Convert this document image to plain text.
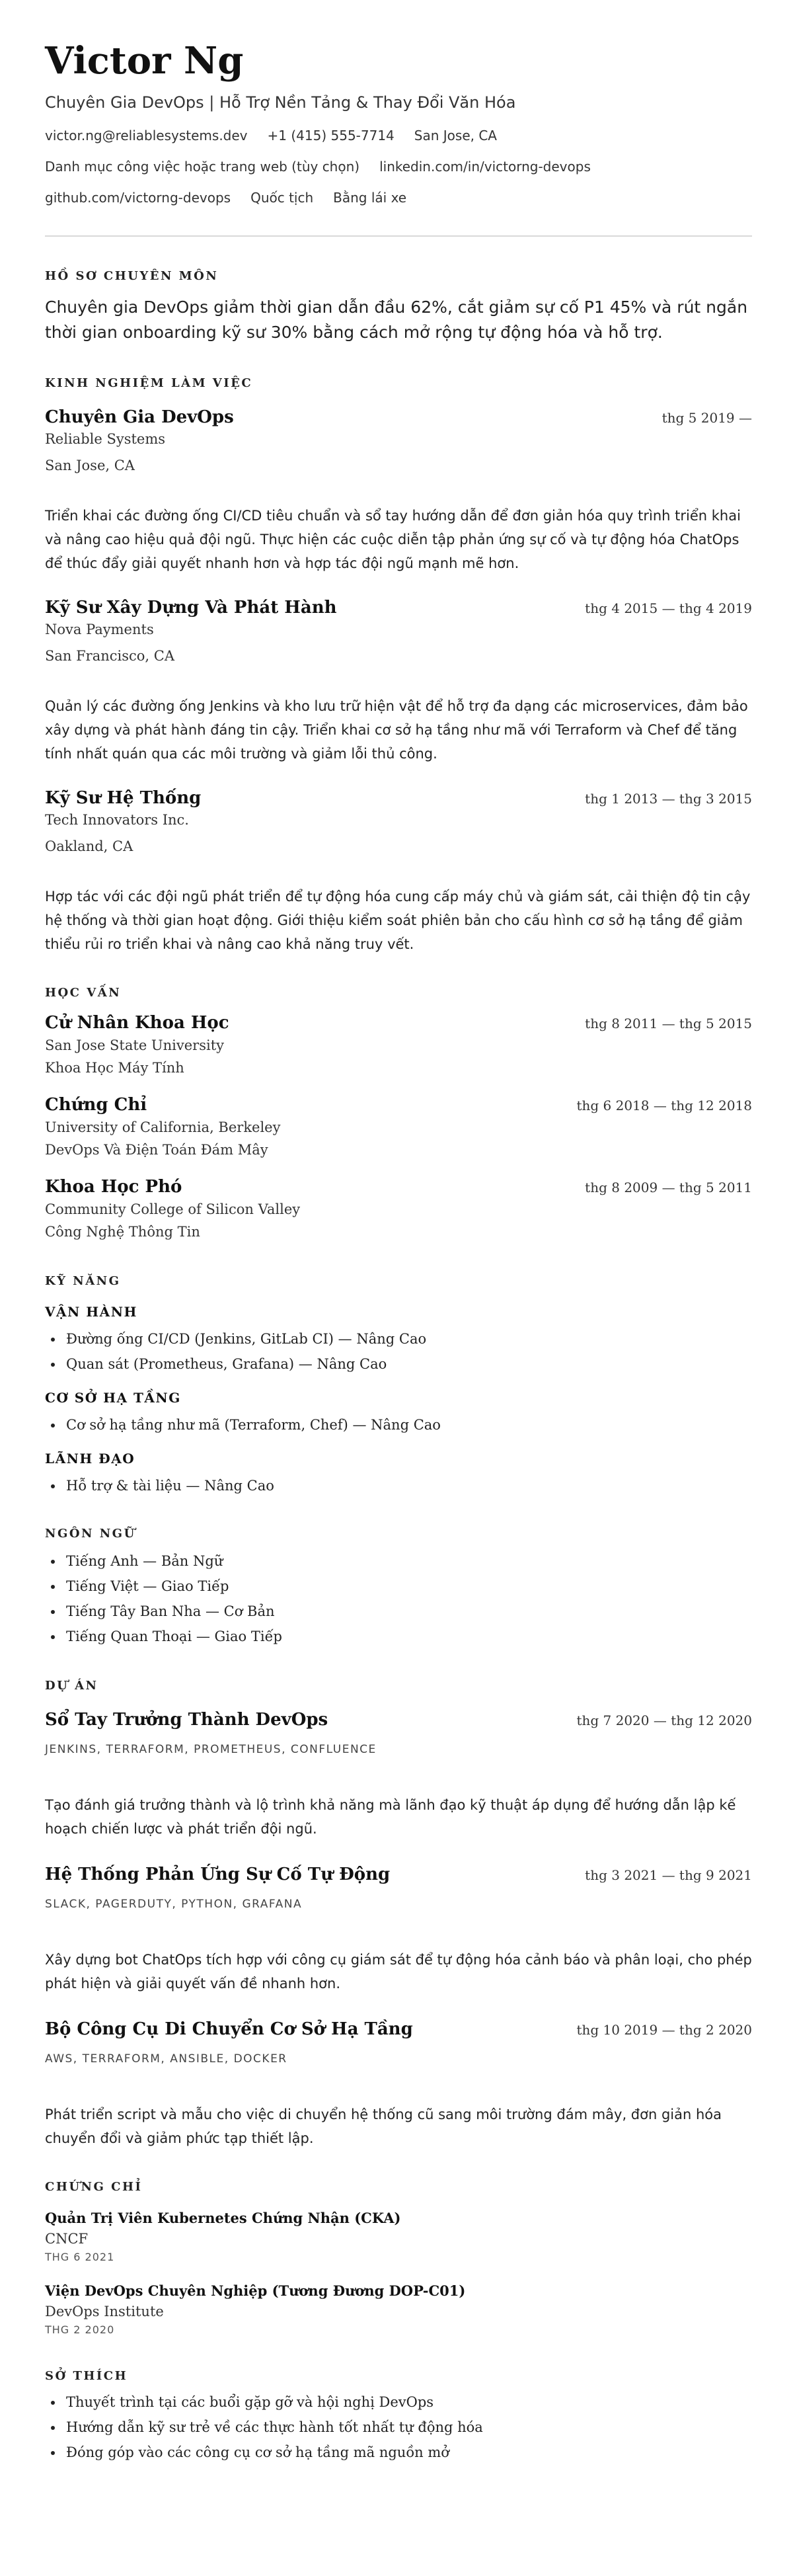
Victor Ng
Chuyên Gia DevOps | Hỗ Trợ Nền Tảng & Thay Đổi Văn Hóa
victor.ng@reliablesystems.dev +1 (415) 555-7714 San Jose, CA
Danh mục công việc hoặc trang web (tùy chọn) linkedin.com/in/victorng-devops
github.com/victorng-devops Quốc tịch Bằng lái xe
HỒ SƠ CHUYÊN MÔN
Chuyên gia DevOps giảm thời gian dẫn đầu 62%, cắt giảm sự cố P1 45% và rút ngắn thời gian onboarding kỹ sư 30% bằng cách mở rộng tự động hóa và hỗ trợ.
KINH NGHIỆM LÀM VIỆC
Chuyên Gia DevOps	thg 5 2019 —
Reliable Systems
San Jose, CA
Triển khai các đường ống CI/CD tiêu chuẩn và sổ tay hướng dẫn để đơn giản hóa quy trình triển khai và nâng cao hiệu quả đội ngũ. Thực hiện các cuộc diễn tập phản ứng sự cố và tự động hóa ChatOps để thúc đẩy giải quyết nhanh hơn và hợp tác đội ngũ mạnh mẽ hơn.
Kỹ Sư Xây Dựng Và Phát Hành	thg 4 2015 — thg 4 2019
Nova Payments
San Francisco, CA
Quản lý các đường ống Jenkins và kho lưu trữ hiện vật để hỗ trợ đa dạng các microservices, đảm bảo xây dựng và phát hành đáng tin cậy. Triển khai cơ sở hạ tầng như mã với Terraform và Chef để tăng tính nhất quán qua các môi trường và giảm lỗi thủ công.
Kỹ Sư Hệ Thống	thg 1 2013 — thg 3 2015
Tech Innovators Inc.
Oakland, CA
Hợp tác với các đội ngũ phát triển để tự động hóa cung cấp máy chủ và giám sát, cải thiện độ tin cậy hệ thống và thời gian hoạt động. Giới thiệu kiểm soát phiên bản cho cấu hình cơ sở hạ tầng để giảm thiểu rủi ro triển khai và nâng cao khả năng truy vết.
HỌC VẤN
Cử Nhân Khoa Học	thg 8 2011 — thg 5 2015
San Jose State University
Khoa Học Máy Tính
Chứng Chỉ	thg 6 2018 — thg 12 2018
University of California, Berkeley
DevOps Và Điện Toán Đám Mây
Khoa Học Phó	thg 8 2009 — thg 5 2011
Community College of Silicon Valley
Công Nghệ Thông Tin
KỸ NĂNG
VẬN HÀNH
• Đường ống CI/CD (Jenkins, GitLab CI) — Nâng Cao
• Quan sát (Prometheus, Grafana) — Nâng Cao
CƠ SỞ HẠ TẦNG
• Cơ sở hạ tầng như mã (Terraform, Chef) — Nâng Cao
LÃNH ĐẠO
• Hỗ trợ & tài liệu — Nâng Cao
NGÔN NGỮ
• Tiếng Anh — Bản Ngữ
• Tiếng Việt — Giao Tiếp
• Tiếng Tây Ban Nha — Cơ Bản
• Tiếng Quan Thoại — Giao Tiếp
DỰ ÁN
Sổ Tay Trưởng Thành DevOps	thg 7 2020 — thg 12 2020
JENKINS, TERRAFORM, PROMETHEUS, CONFLUENCE
Tạo đánh giá trưởng thành và lộ trình khả năng mà lãnh đạo kỹ thuật áp dụng để hướng dẫn lập kế hoạch chiến lược và phát triển đội ngũ.
Hệ Thống Phản Ứng Sự Cố Tự Động	thg 3 2021 — thg 9 2021
SLACK, PAGERDUTY, PYTHON, GRAFANA
Xây dựng bot ChatOps tích hợp với công cụ giám sát để tự động hóa cảnh báo và phân loại, cho phép phát hiện và giải quyết vấn đề nhanh hơn.
Bộ Công Cụ Di Chuyển Cơ Sở Hạ Tầng	thg 10 2019 — thg 2 2020
AWS, TERRAFORM, ANSIBLE, DOCKER
Phát triển script và mẫu cho việc di chuyển hệ thống cũ sang môi trường đám mây, đơn giản hóa chuyển đổi và giảm phức tạp thiết lập.
CHỨNG CHỈ
Quản Trị Viên Kubernetes Chứng Nhận (CKA)
CNCF
THG 6 2021
Viện DevOps Chuyên Nghiệp (Tương Đương DOP-C01)
DevOps Institute
THG 2 2020
SỞ THÍCH
• Thuyết trình tại các buổi gặp gỡ và hội nghị DevOps
• Hướng dẫn kỹ sư trẻ về các thực hành tốt nhất tự động hóa
• Đóng góp vào các công cụ cơ sở hạ tầng mã nguồn mở
